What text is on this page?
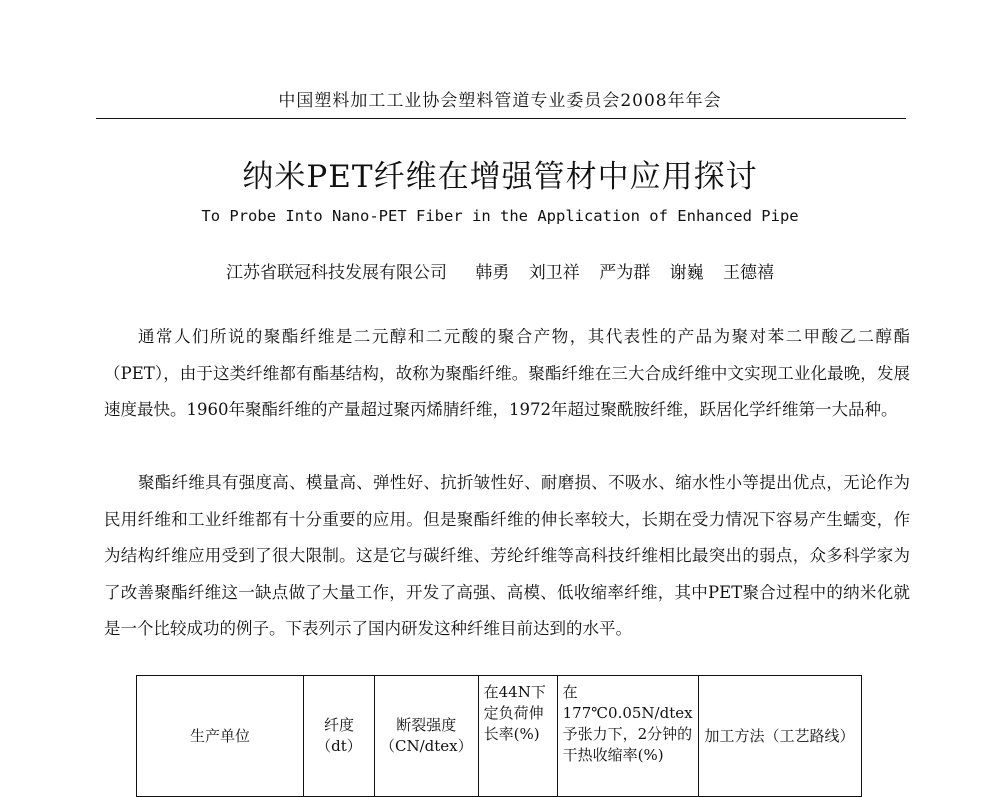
中国塑料加工工业协会塑料管道专业委员会2008年年会
纳米PET纤维在增强管材中应用探讨
To Probe Into Nano-PET Fiber in the Application of Enhanced Pipe
江苏省联冠科技发展有限公司 韩勇 刘卫祥 严为群 谢巍 王德禧

通常人们所说的聚酯纤维是二元醇和二元酸的聚合产物，其代表性的产品为聚对苯二甲酸乙二醇酯（PET），由于这类纤维都有酯基结构，故称为聚酯纤维。聚酯纤维在三大合成纤维中文实现工业化最晚，发展速度最快。1960年聚酯纤维的产量超过聚丙烯腈纤维，1972年超过聚酰胺纤维，跃居化学纤维第一大品种。

聚酯纤维具有强度高、模量高、弹性好、抗折皱性好、耐磨损、不吸水、缩水性小等提出优点，无论作为民用纤维和工业纤维都有十分重要的应用。但是聚酯纤维的伸长率较大，长期在受力情况下容易产生蠕变，作为结构纤维应用受到了很大限制。这是它与碳纤维、芳纶纤维等高科技纤维相比最突出的弱点，众多科学家为了改善聚酯纤维这一缺点做了大量工作，开发了高强、高模、低收缩率纤维，其中PET聚合过程中的纳米化就是一个比较成功的例子。下表列示了国内研发这种纤维目前达到的水平。

生产单位	纤度（dt）	断裂强度（CN/dtex）	在44N下定负荷伸长率(%)	在177℃0.05N/dtex予张力下，2分钟的干热收缩率(%)	加工方法（工艺路线）
